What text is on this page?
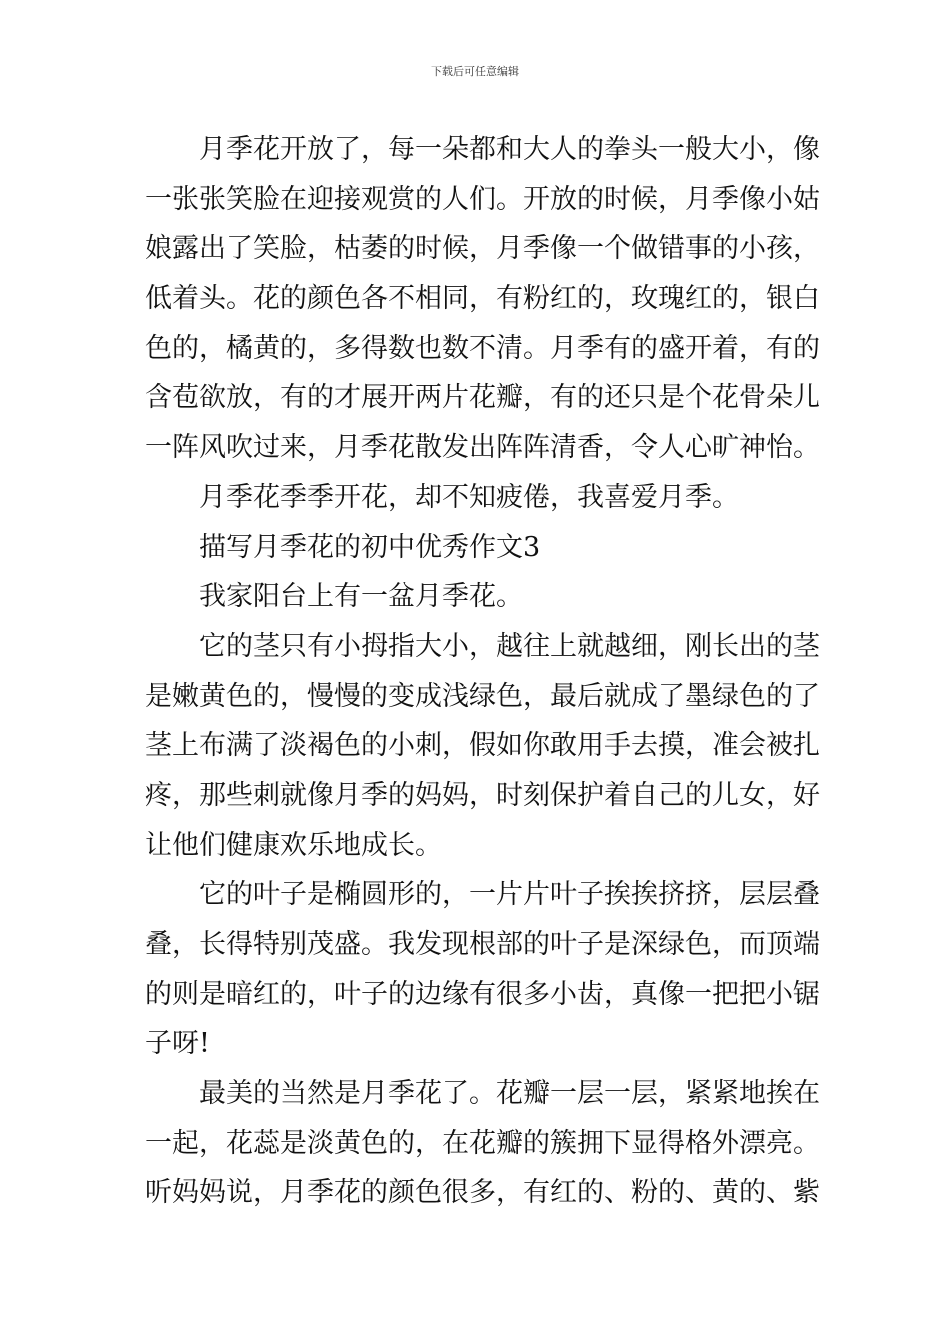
下载后可任意编辑
月季花开放了，每一朵都和大人的拳头一般大小，像
一张张笑脸在迎接观赏的人们。开放的时候，月季像小姑
娘露出了笑脸，枯萎的时候，月季像一个做错事的小孩，
低着头。花的颜色各不相同，有粉红的，玫瑰红的，银白
色的，橘黄的，多得数也数不清。月季有的盛开着，有的
含苞欲放，有的才展开两片花瓣，有的还只是个花骨朵儿
一阵风吹过来，月季花散发出阵阵清香，令人心旷神怡。
月季花季季开花，却不知疲倦，我喜爱月季。
描写月季花的初中优秀作文3
我家阳台上有一盆月季花。
它的茎只有小拇指大小，越往上就越细，刚长出的茎
是嫩黄色的，慢慢的变成浅绿色，最后就成了墨绿色的了
茎上布满了淡褐色的小刺，假如你敢用手去摸，准会被扎
疼，那些刺就像月季的妈妈，时刻保护着自己的儿女，好
让他们健康欢乐地成长。
它的叶子是椭圆形的，一片片叶子挨挨挤挤，层层叠
叠，长得特别茂盛。我发现根部的叶子是深绿色，而顶端
的则是暗红的，叶子的边缘有很多小齿，真像一把把小锯
子呀!
最美的当然是月季花了。花瓣一层一层，紧紧地挨在
一起，花蕊是淡黄色的，在花瓣的簇拥下显得格外漂亮。
听妈妈说，月季花的颜色很多，有红的、粉的、黄的、紫
